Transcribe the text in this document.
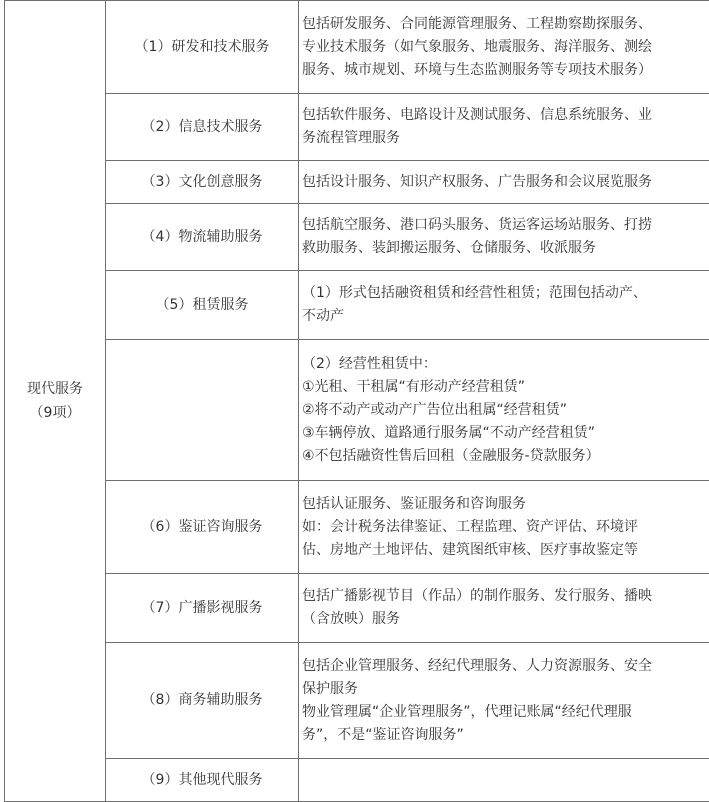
现代服务
（9项）	（1）研发和技术服务	包括研发服务、合同能源管理服务、工程勘察勘探服务、
专业技术服务（如气象服务、地震服务、海洋服务、测绘
服务、城市规划、环境与生态监测服务等专项技术服务）

	（2）信息技术服务	包括软件服务、电路设计及测试服务、信息系统服务、业
务流程管理服务

	（3）文化创意服务	包括设计服务、知识产权服务、广告服务和会议展览服务

	（4）物流辅助服务	包括航空服务、港口码头服务、货运客运场站服务、打捞
救助服务、装卸搬运服务、仓储服务、收派服务

	（5）租赁服务	（1）形式包括融资租赁和经营性租赁；范围包括动产、
不动产

		（2）经营性租赁中：
①光租、干租属“有形动产经营租赁”
②将不动产或动产广告位出租属“经营租赁”
③车辆停放、道路通行服务属“不动产经营租赁”
④不包括融资性售后回租（金融服务-贷款服务）

	（6）鉴证咨询服务	包括认证服务、鉴证服务和咨询服务
如：会计税务法律鉴证、工程监理、资产评估、环境评
估、房地产土地评估、建筑图纸审核、医疗事故鉴定等

	（7）广播影视服务	包括广播影视节目（作品）的制作服务、发行服务、播映
（含放映）服务

	（8）商务辅助服务	包括企业管理服务、经纪代理服务、人力资源服务、安全
保护服务
物业管理属“企业管理服务”，代理记账属“经纪代理服
务”，不是“鉴证咨询服务”

	（9）其他现代服务	
